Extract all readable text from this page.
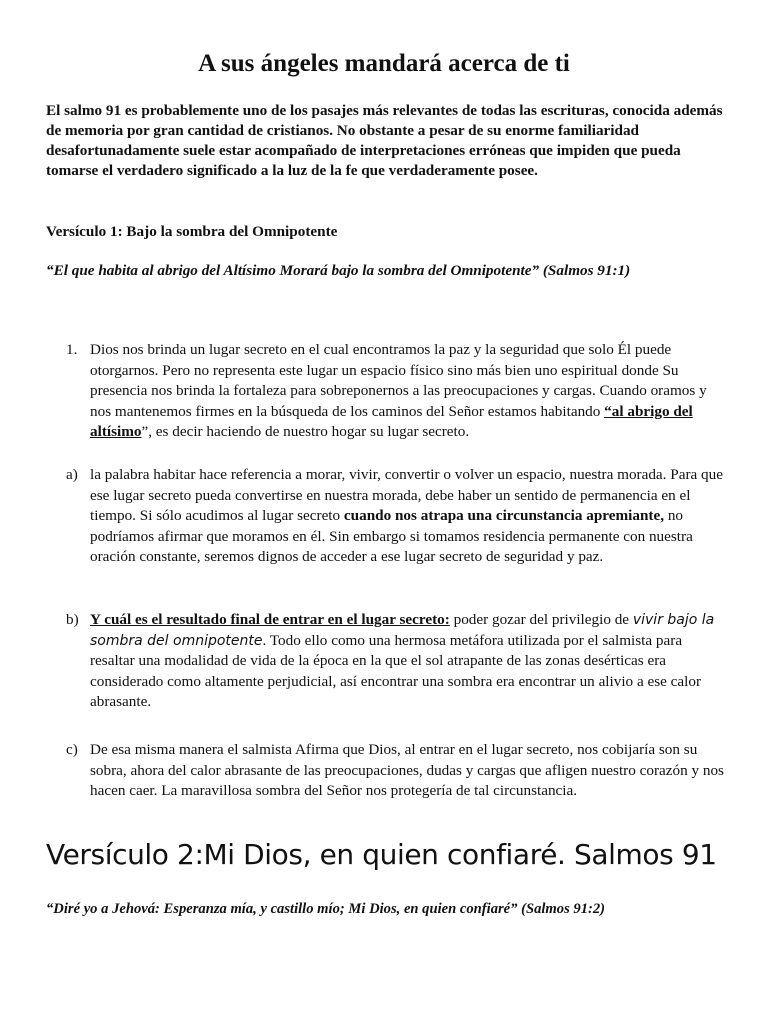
A sus ángeles mandará acerca de ti

El salmo 91 es probablemente uno de los pasajes más relevantes de todas las escrituras, conocida además de memoria por gran cantidad de cristianos. No obstante a pesar de su enorme familiaridad desafortunadamente suele estar acompañado de interpretaciones erróneas que impiden que pueda tomarse el verdadero significado a la luz de la fe que verdaderamente posee.

Versículo 1: Bajo la sombra del Omnipotente

“El que habita al abrigo del Altísimo Morará bajo la sombra del Omnipotente” (Salmos 91:1)

1. Dios nos brinda un lugar secreto en el cual encontramos la paz y la seguridad que solo Él puede otorgarnos. Pero no representa este lugar un espacio físico sino más bien uno espiritual donde Su presencia nos brinda la fortaleza para sobreponernos a las preocupaciones y cargas. Cuando oramos y nos mantenemos firmes en la búsqueda de los caminos del Señor estamos habitando “al abrigo del altísimo”, es decir haciendo de nuestro hogar su lugar secreto.
a) la palabra habitar hace referencia a morar, vivir, convertir o volver un espacio, nuestra morada. Para que ese lugar secreto pueda convertirse en nuestra morada, debe haber un sentido de permanencia en el tiempo. Si sólo acudimos al lugar secreto cuando nos atrapa una circunstancia apremiante, no podríamos afirmar que moramos en él. Sin embargo si tomamos residencia permanente con nuestra oración constante, seremos dignos de acceder a ese lugar secreto de seguridad y paz.
b) Y cuál es el resultado final de entrar en el lugar secreto: poder gozar del privilegio de vivir bajo la sombra del omnipotente. Todo ello como una hermosa metáfora utilizada por el salmista para resaltar una modalidad de vida de la época en la que el sol atrapante de las zonas desérticas era considerado como altamente perjudicial, así encontrar una sombra era encontrar un alivio a ese calor abrasante.
c) De esa misma manera el salmista Afirma que Dios, al entrar en el lugar secreto, nos cobijaría son su sobra, ahora del calor abrasante de las preocupaciones, dudas y cargas que afligen nuestro corazón y nos hacen caer. La maravillosa sombra del Señor nos protegería de tal circunstancia.
Versículo 2:Mi Dios, en quien confiaré. Salmos 91

“Diré yo a Jehová: Esperanza mía, y castillo mío; Mi Dios, en quien confiaré” (Salmos 91:2)
